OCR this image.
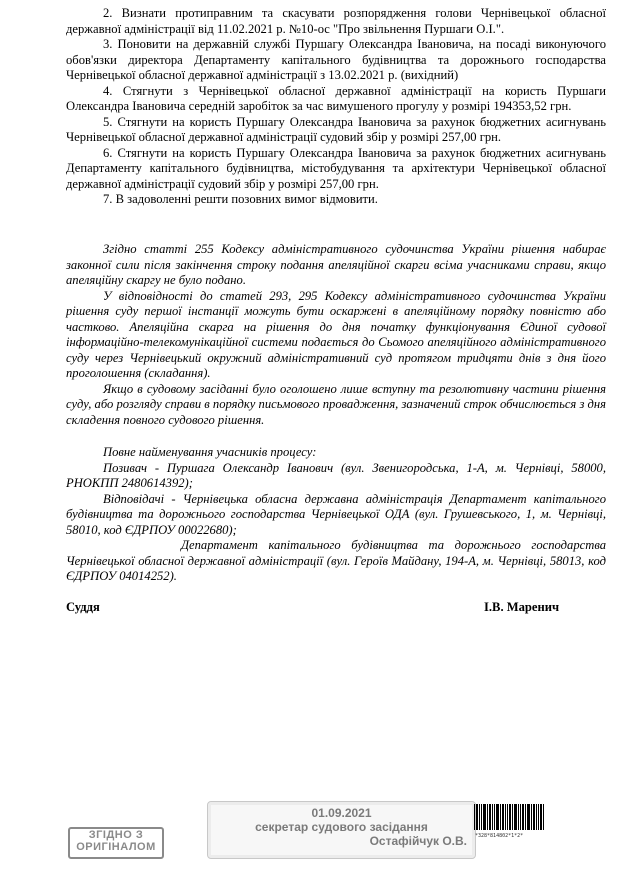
2. Визнати протиправним та скасувати розпорядження голови Чернівецької обласної державної адміністрації від 11.02.2021 р. №10-ос "Про звільнення Пуршаги О.І.".

3. Поновити на державній службі Пуршагу Олександра Івановича, на посаді виконуючого обов'язки директора Департаменту капітального будівництва та дорожнього господарства Чернівецької обласної державної адміністрації з 13.02.2021 р. (вихідний)

4. Стягнути з Чернівецької обласної державної адміністрації на користь Пуршаги Олександра Івановича середній заробіток за час вимушеного прогулу у розмірі 194353,52 грн.

5. Стягнути на користь Пуршагу Олександра Івановича за рахунок бюджетних асигнувань Чернівецької обласної державної адміністрації судовий збір у розмірі 257,00 грн.

6. Стягнути на користь Пуршагу Олександра Івановича за рахунок бюджетних асигнувань Департаменту капітального будівництва, містобудування та архітектури Чернівецької обласної державної адміністрації судовий збір у розмірі 257,00 грн.

7. В задоволенні решти позовних вимог відмовити.

Згідно статті 255 Кодексу адміністративного судочинства України рішення набирає законної сили після закінчення строку подання апеляційної скарги всіма учасниками справи, якщо апеляційну скаргу не було подано.

У відповідності до статей 293, 295 Кодексу адміністративного судочинства України рішення суду першої інстанції можуть бути оскаржені в апеляційному порядку повністю або частково. Апеляційна скарга на рішення до дня початку функціонування Єдиної судової інформаційно-телекомунікаційної системи подається до Сьомого апеляційного адміністративного суду через Чернівецький окружний адміністративний суд протягом тридцяти днів з дня його проголошення (складання).

Якщо в судовому засіданні було оголошено лише вступну та резолютивну частини рішення суду, або розгляду справи в порядку письмового провадження, зазначений строк обчислюється з дня складення повного судового рішення.

Повне найменування учасників процесу:

Позивач - Пуршага Олександр Іванович (вул. Звенигородська, 1-А, м. Чернівці, 58000, РНОКПП 2480614392);

Відповідачі - Чернівецька обласна державна адміністрація Департамент капітального будівництва та дорожнього господарства Чернівецької ОДА (вул. Грушевського, 1, м. Чернівці, 58010, код ЄДРПОУ 00022680);

Департамент капітального будівництва та дорожнього господарства Чернівецької обласної державної адміністрації (вул. Героїв Майдану, 194-А, м. Чернівці, 58013, код ЄДРПОУ 04014252).

Суддя	І.В. Маренич
ЗГІДНО З
ОРИГІНАЛОМ
01.09.2021
секретар судового засідання
Остафійчук О.В. *328*814802*1*2*
